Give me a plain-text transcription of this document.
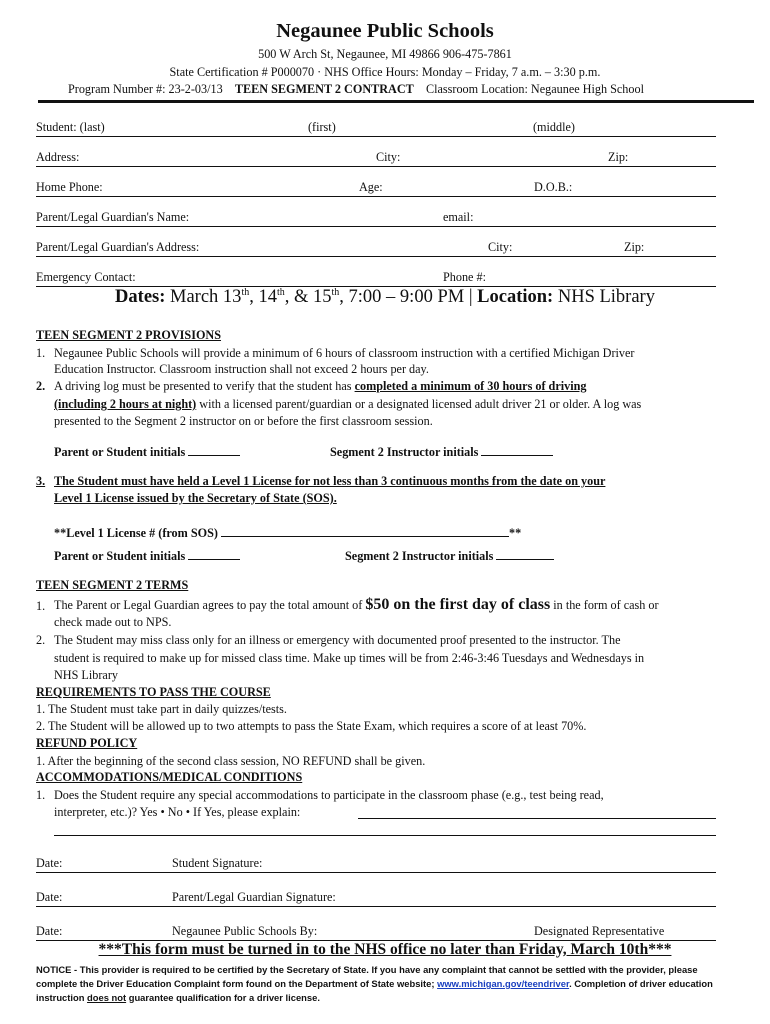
Negaunee Public Schools
500 W Arch St, Negaunee, MI 49866 906-475-7861
State Certification # P000070 · NHS Office Hours: Monday – Friday, 7 a.m. – 3:30 p.m.
Program Number #: 23-2-03/13 TEEN SEGMENT 2 CONTRACT Classroom Location: Negaunee High School
Student: (last)	(first)	(middle)
Address:	City:	Zip:
Home Phone:	Age:	D.O.B.:
Parent/Legal Guardian's Name:	email:
Parent/Legal Guardian's Address:	City:	Zip:
Emergency Contact:	Phone #:
Dates: March 13th, 14th, & 15th, 7:00 – 9:00 PM | Location: NHS Library
TEEN SEGMENT 2 PROVISIONS
1. Negaunee Public Schools will provide a minimum of 6 hours of classroom instruction with a certified Michigan Driver
Education Instructor. Classroom instruction shall not exceed 2 hours per day.
2. A driving log must be presented to verify that the student has completed a minimum of 30 hours of driving
(including 2 hours at night) with a licensed parent/guardian or a designated licensed adult driver 21 or older. A log was
presented to the Segment 2 instructor on or before the first classroom session.
Parent or Student initials	Segment 2 Instructor initials
3. The Student must have held a Level 1 License for not less than 3 continuous months from the date on your
Level 1 License issued by the Secretary of State (SOS).
**Level 1 License # (from SOS)	**
Parent or Student initials	Segment 2 Instructor initials
TEEN SEGMENT 2 TERMS
1. The Parent or Legal Guardian agrees to pay the total amount of $50 on the first day of class in the form of cash or
check made out to NPS.
2. The Student may miss class only for an illness or emergency with documented proof presented to the instructor. The
student is required to make up for missed class time. Make up times will be from 2:46-3:46 Tuesdays and Wednesdays in
NHS Library
REQUIREMENTS TO PASS THE COURSE
1. The Student must take part in daily quizzes/tests.
2. The Student will be allowed up to two attempts to pass the State Exam, which requires a score of at least 70%.
REFUND POLICY
1. After the beginning of the second class session, NO REFUND shall be given.
ACCOMMODATIONS/MEDICAL CONDITIONS
1. Does the Student require any special accommodations to participate in the classroom phase (e.g., test being read,
interpreter, etc.)? Yes • No • If Yes, please explain:
Date:	Student Signature:
Date:	Parent/Legal Guardian Signature:
Date:	Negaunee Public Schools By:	Designated Representative
***This form must be turned in to the NHS office no later than Friday, March 10th***
NOTICE - This provider is required to be certified by the Secretary of State. If you have any complaint that cannot be settled with the provider, please complete the Driver Education Complaint form found on the Department of State website; www.michigan.gov/teendriver. Completion of driver education instruction does not guarantee qualification for a driver license.
